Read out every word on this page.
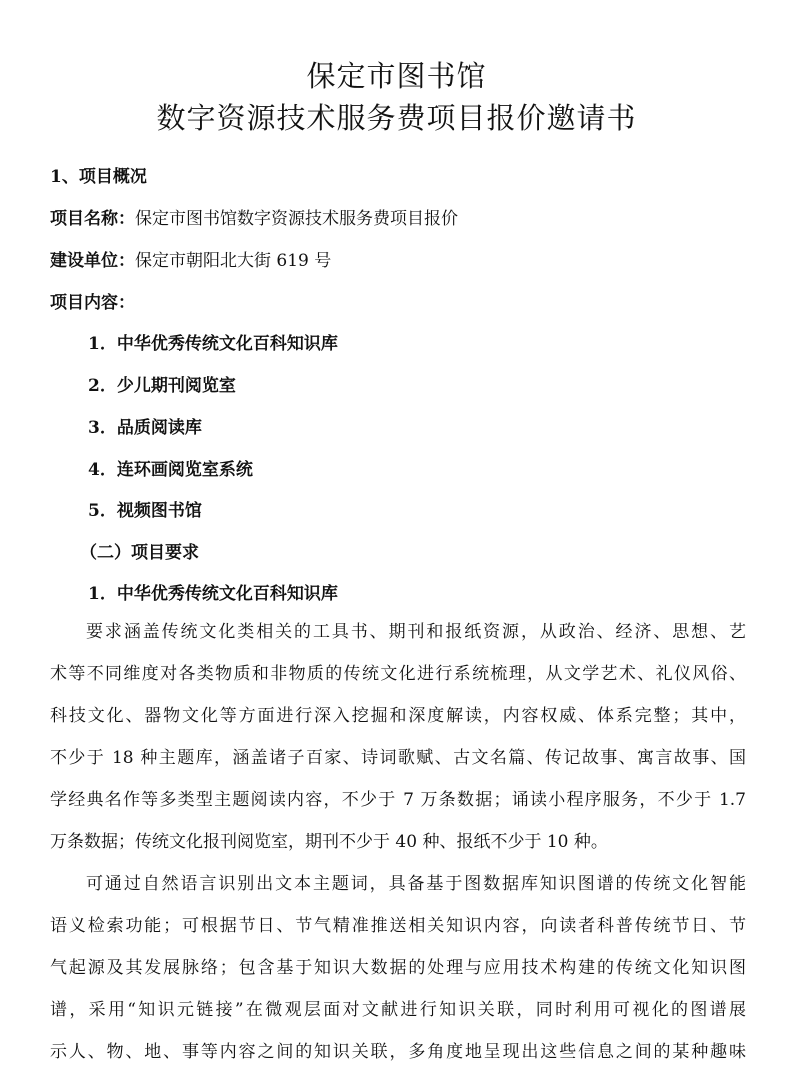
保定市图书馆
数字资源技术服务费项目报价邀请书
1、项目概况
项目名称：保定市图书馆数字资源技术服务费项目报价
建设单位：保定市朝阳北大街 619 号
项目内容：
1．中华优秀传统文化百科知识库
2．少儿期刊阅览室
3．品质阅读库
4．连环画阅览室系统
5．视频图书馆
（二）项目要求
1．中华优秀传统文化百科知识库
要求涵盖传统文化类相关的工具书、期刊和报纸资源，从政治、经济、思想、艺
术等不同维度对各类物质和非物质的传统文化进行系统梳理，从文学艺术、礼仪风俗、
科技文化、器物文化等方面进行深入挖掘和深度解读，内容权威、体系完整；其中，
不少于 18 种主题库，涵盖诸子百家、诗词歌赋、古文名篇、传记故事、寓言故事、国
学经典名作等多类型主题阅读内容，不少于 7 万条数据；诵读小程序服务，不少于 1.7
万条数据；传统文化报刊阅览室，期刊不少于 40 种、报纸不少于 10 种。
可通过自然语言识别出文本主题词，具备基于图数据库知识图谱的传统文化智能
语义检索功能；可根据节日、节气精准推送相关知识内容，向读者科普传统节日、节
气起源及其发展脉络；包含基于知识大数据的处理与应用技术构建的传统文化知识图
谱，采用“知识元链接”在微观层面对文献进行知识关联，同时利用可视化的图谱展
示人、物、地、事等内容之间的知识关联，多角度地呈现出这些信息之间的某种趣味
